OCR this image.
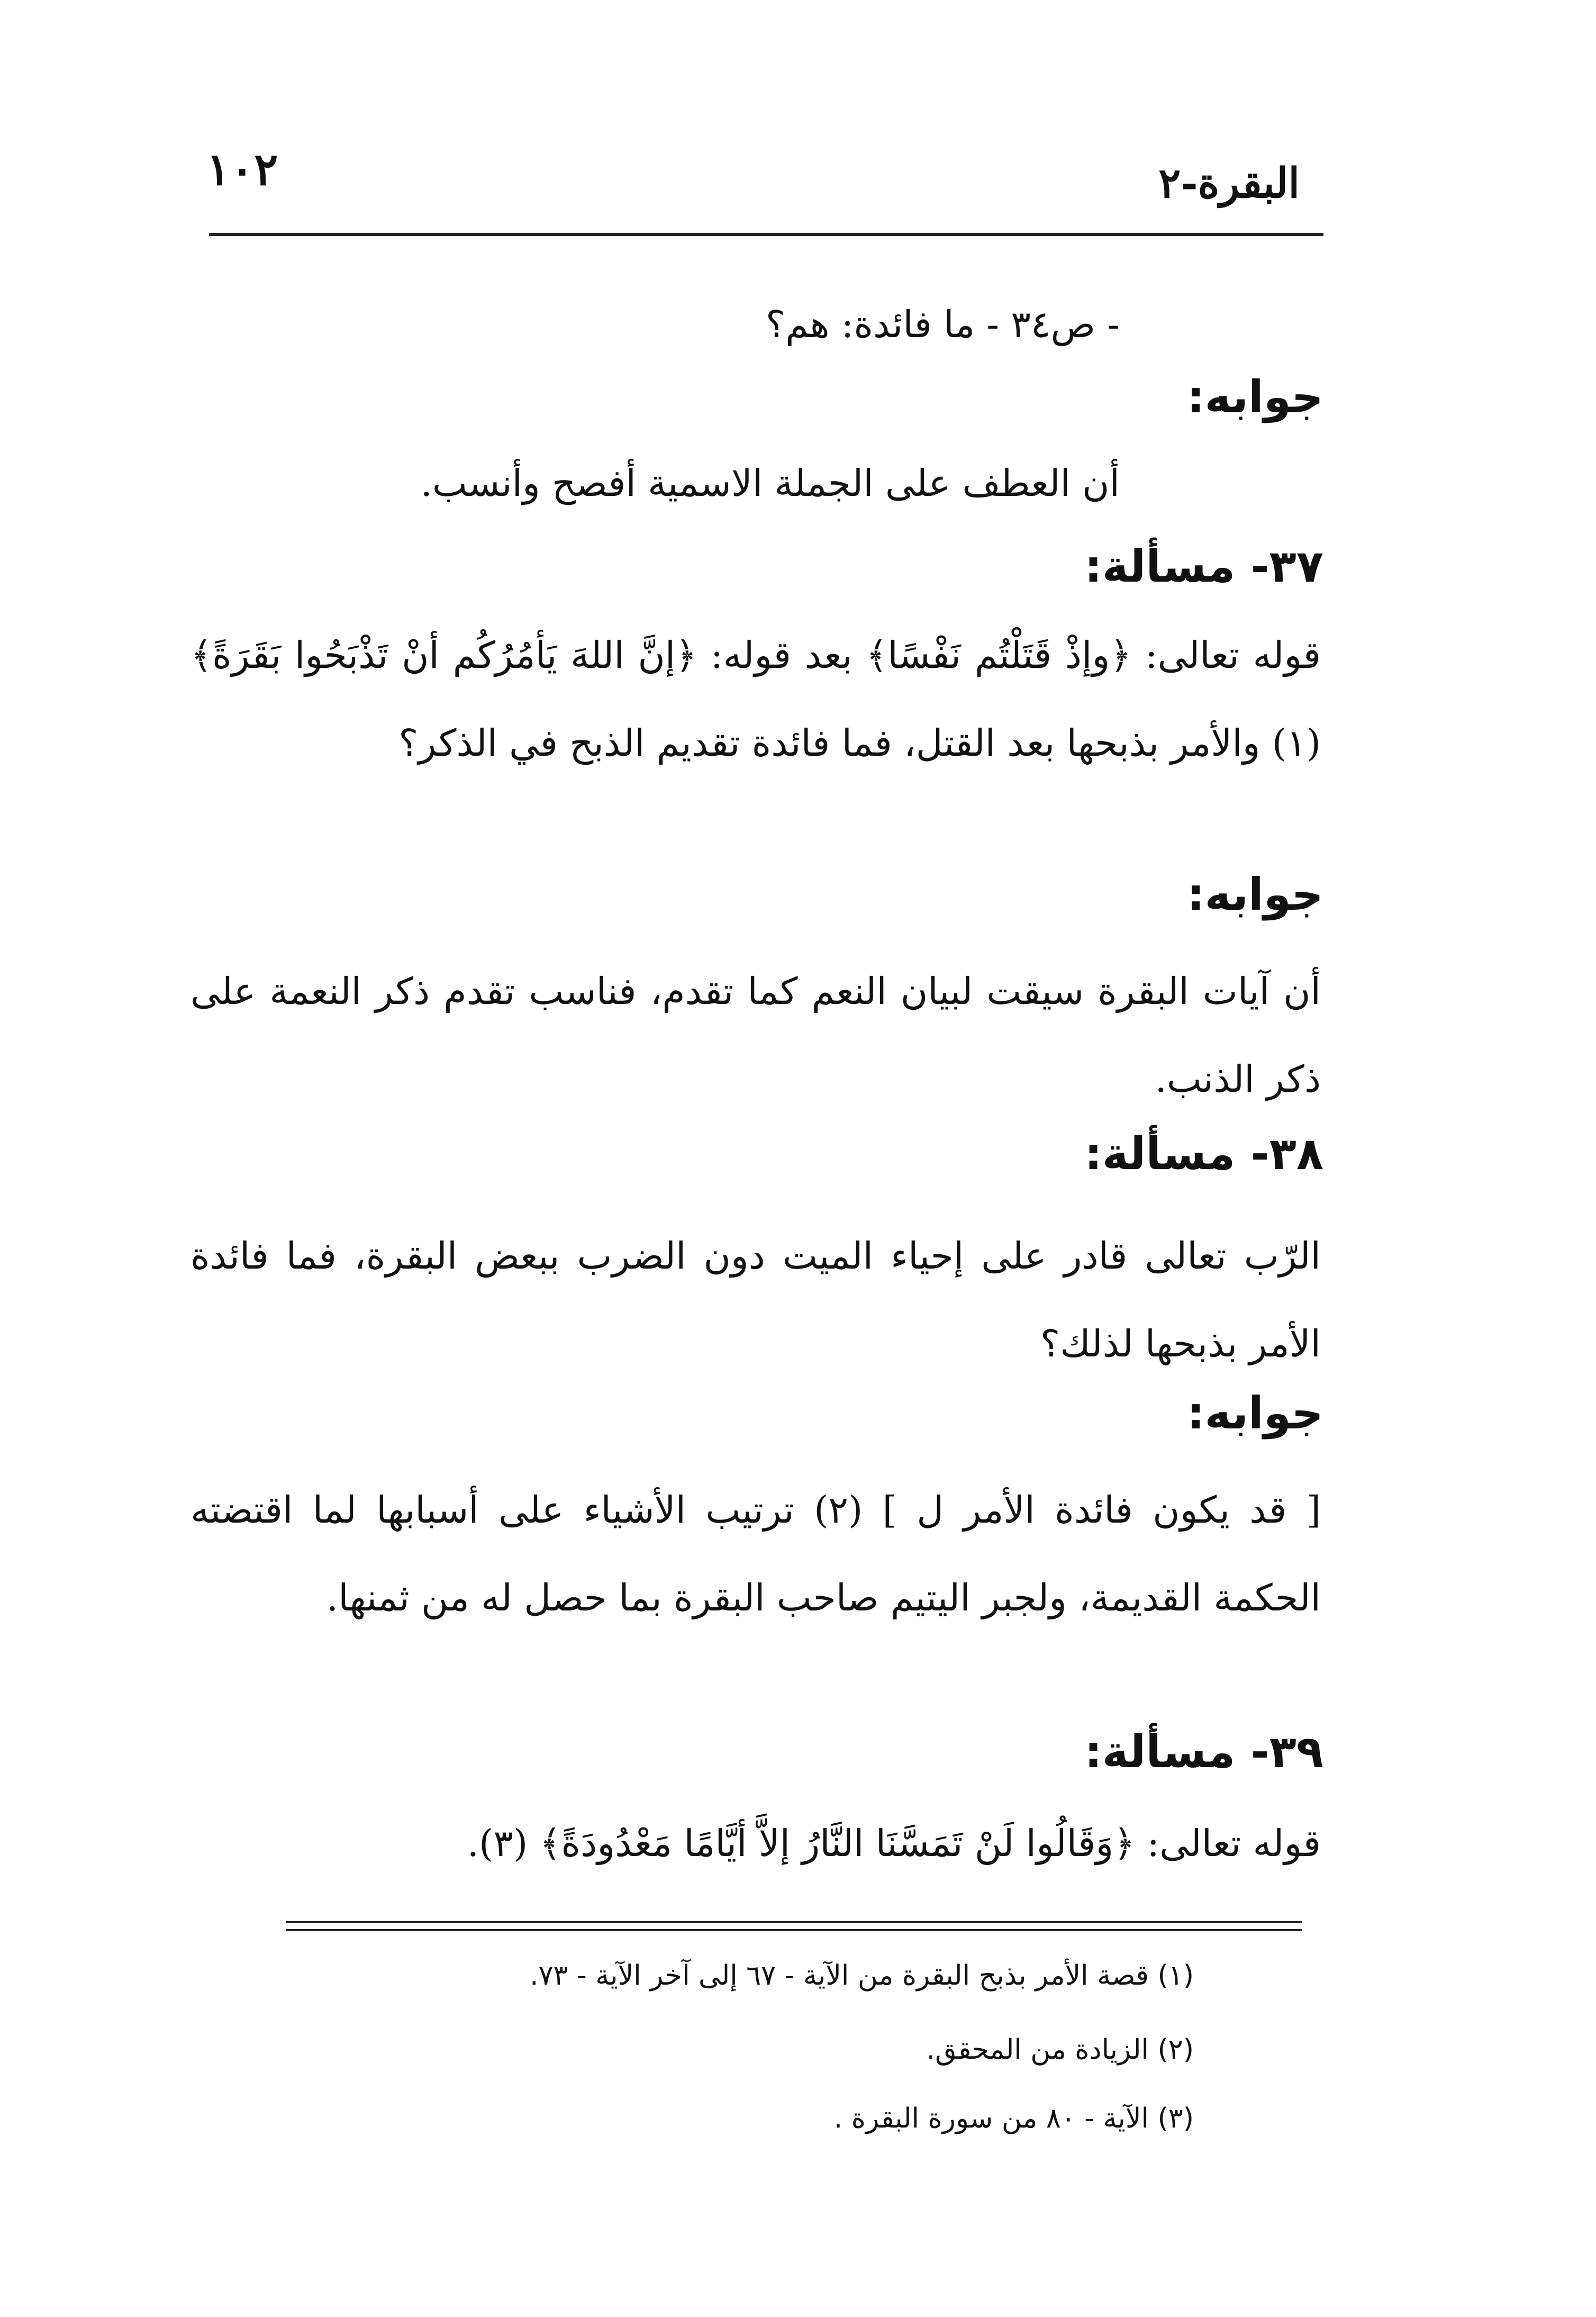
البقرة-٢
١٠٢
- ص٣٤ - ما فائدة: هم؟
جوابه:
أن العطف على الجملة الاسمية أفصح وأنسب.
٣٧- مسألة:
قوله تعالى: ﴿وإذْ قَتَلْتُم نَفْسًا﴾ بعد قوله: ﴿إنَّ اللهَ يَأمُرُكُم أنْ تَذْبَحُوا بَقَرَةً﴾ (١) والأمر بذبحها بعد القتل، فما فائدة تقديم الذبح في الذكر؟
جوابه:
أن آيات البقرة سيقت لبيان النعم كما تقدم، فناسب تقدم ذكر النعمة على ذكر الذنب.
٣٨- مسألة:
الرّب تعالى قادر على إحياء الميت دون الضرب ببعض البقرة، فما فائدة الأمر بذبحها لذلك؟
جوابه:
[ قد يكون فائدة الأمر ل ] (٢) ترتيب الأشياء على أسبابها لما اقتضته الحكمة القديمة، ولجبر اليتيم صاحب البقرة بما حصل له من ثمنها.
٣٩- مسألة:
قوله تعالى: ﴿وَقَالُوا لَنْ تَمَسَّنَا النَّارُ إلاَّ أيَّامًا مَعْدُودَةً﴾ (٣).
(١) قصة الأمر بذبح البقرة من الآية - ٦٧ إلى آخر الآية - ٧٣.
(٢) الزيادة من المحقق.
(٣) الآية - ٨٠ من سورة البقرة .
